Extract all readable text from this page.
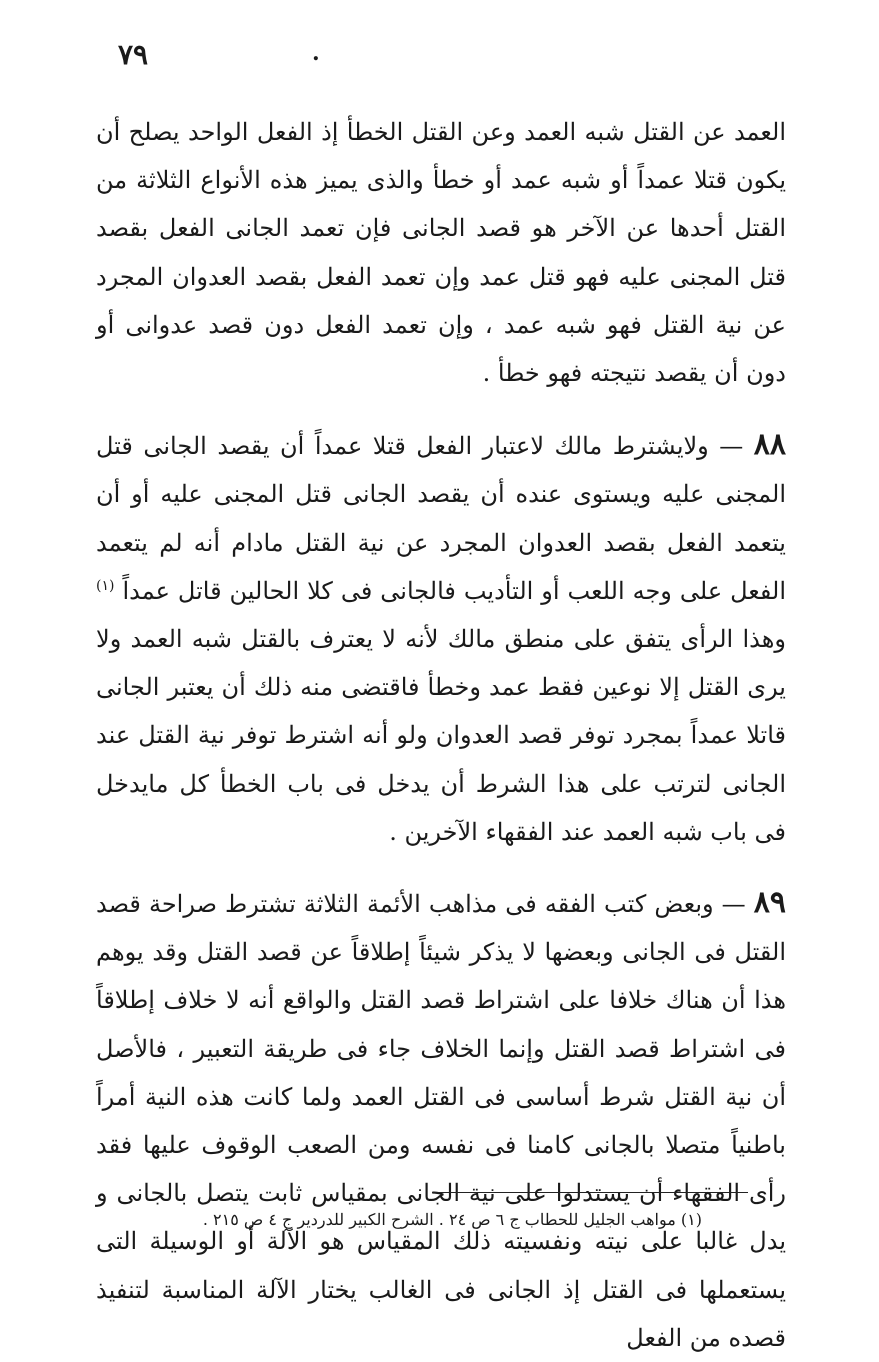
٧٩	.

العمد عن القتل شبه العمد وعن القتل الخطأ إذ الفعل الواحد يصلح أن يكون قتلا عمداً أو شبه عمد أو خطأ والذى يميز هذه الأنواع الثلاثة من القتل أحدها عن الآخر هو قصد الجانى فإن تعمد الجانى الفعل بقصد قتل المجنى عليه فهو قتل عمد وإن تعمد الفعل بقصد العدوان المجرد عن نية القتل فهو شبه عمد ، وإن تعمد الفعل دون قصد عدوانى أو دون أن يقصد نتيجته فهو خطأ .

٨٨ — ولايشترط مالك لاعتبار الفعل قتلا عمداً أن يقصد الجانى قتل المجنى عليه ويستوى عنده أن يقصد الجانى قتل المجنى عليه أو أن يتعمد الفعل بقصد العدوان المجرد عن نية القتل مادام أنه لم يتعمد الفعل على وجه اللعب أو التأديب فالجانى فى كلا الحالين قاتل عمداً $^{(١)}$ وهذا الرأى يتفق على منطق مالك لأنه لا يعترف بالقتل شبه العمد ولا يرى القتل إلا نوعين فقط عمد وخطأ فاقتضى منه ذلك أن يعتبر الجانى قاتلا عمداً بمجرد توفر قصد العدوان ولو أنه اشترط توفر نية القتل عند الجانى لترتب على هذا الشرط أن يدخل فى باب الخطأ كل مايدخل فى باب شبه العمد عند الفقهاء الآخرين .

٨٩ — وبعض كتب الفقه فى مذاهب الأئمة الثلاثة تشترط صراحة قصد القتل فى الجانى وبعضها لا يذكر شيئاً إطلاقاً عن قصد القتل وقد يوهم هذا أن هناك خلافا على اشتراط قصد القتل والواقع أنه لا خلاف إطلاقاً فى اشتراط قصد القتل وإنما الخلاف جاء فى طريقة التعبير ، فالأصل أن نية القتل شرط أساسى فى القتل العمد ولما كانت هذه النية أمراً باطنياً متصلا بالجانى كامنا فى نفسه ومن الصعب الوقوف عليها فقد رأى الفقهاء أن يستدلوا على نية الجانى بمقياس ثابت يتصل بالجانى و يدل غالبا على نيته ونفسيته ذلك المقياس هو الآلة أو الوسيلة التى يستعملها فى القتل إذ الجانى فى الغالب يختار الآلة المناسبة لتنفيذ قصده من الفعل

(١) مواهب الجليل للحطاب ج ٦ ص ٢٤ . الشرح الكبير للدردير ج ٤ ص ٢١٥ .
